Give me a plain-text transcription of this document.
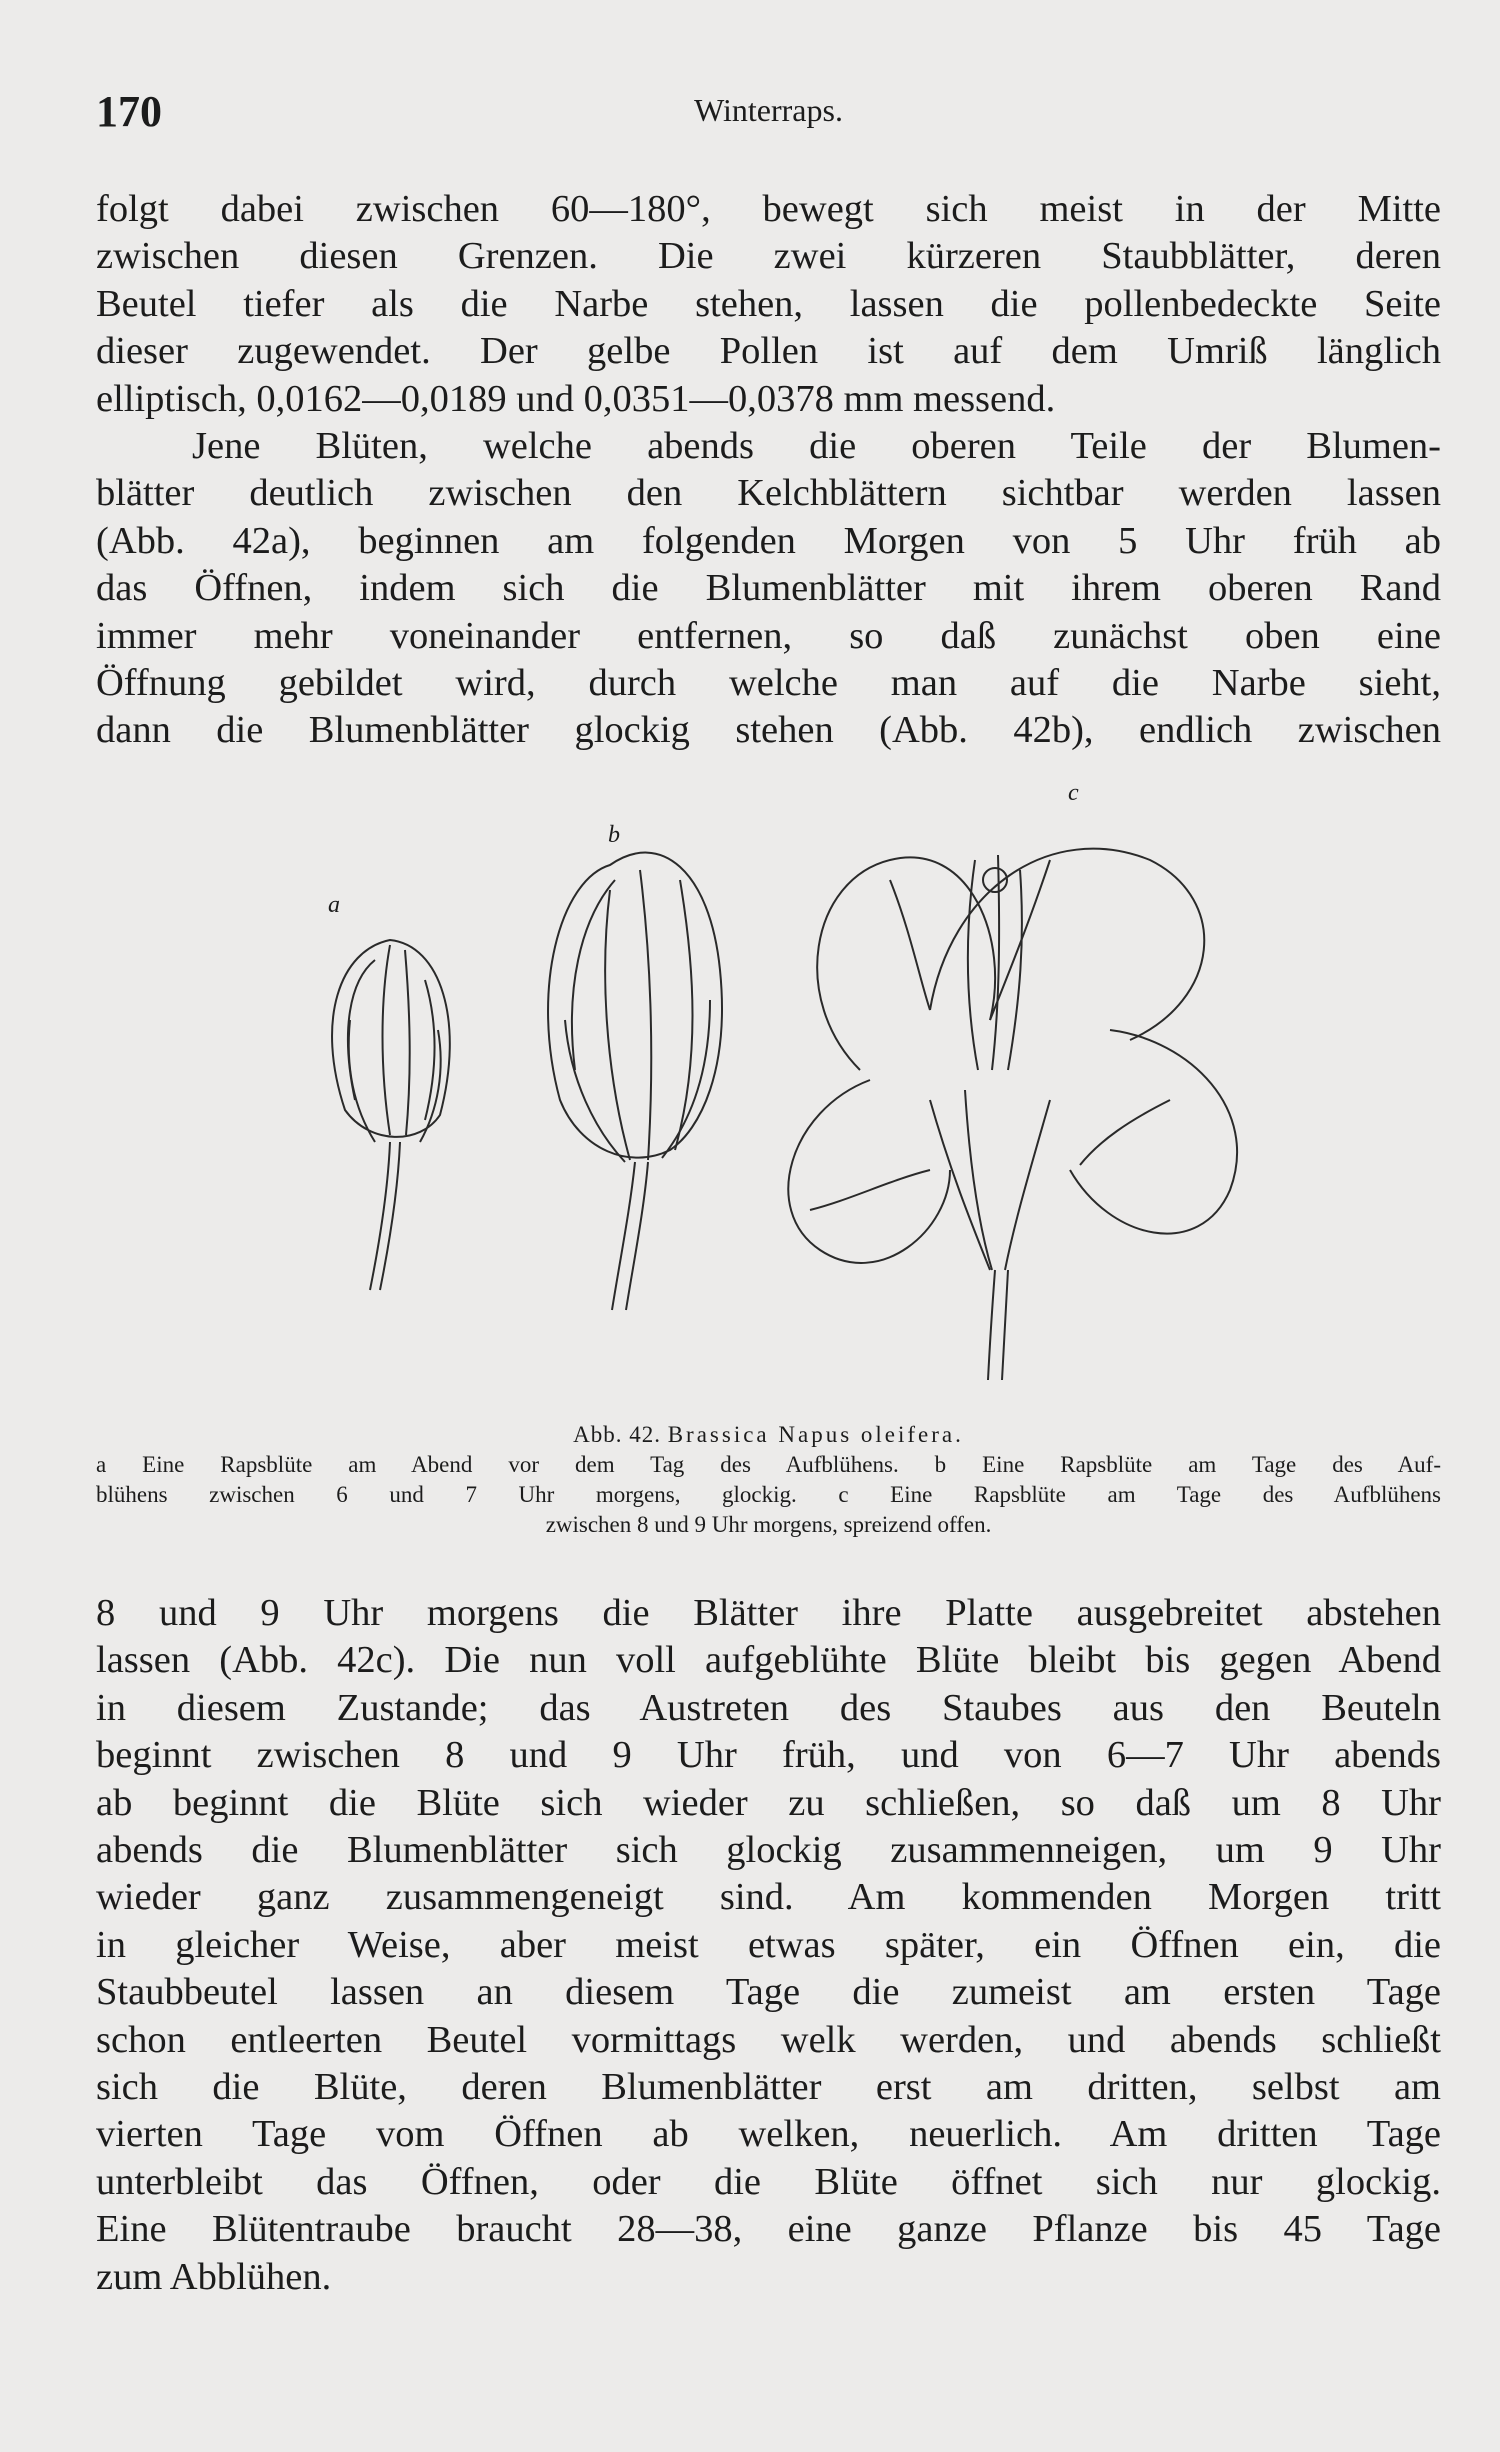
170	Winterraps.
folgt dabei zwischen 60—180°, bewegt sich meist in der Mitte
zwischen diesen Grenzen. Die zwei kürzeren Staubblätter, deren
Beutel tiefer als die Narbe stehen, lassen die pollenbedeckte Seite
dieser zugewendet. Der gelbe Pollen ist auf dem Umriß länglich
elliptisch, 0,0162—0,0189 und 0,0351—0,0378 mm messend.
Jene Blüten, welche abends die oberen Teile der Blumen-
blätter deutlich zwischen den Kelchblättern sichtbar werden lassen
(Abb. 42a), beginnen am folgenden Morgen von 5 Uhr früh ab
das Öffnen, indem sich die Blumenblätter mit ihrem oberen Rand
immer mehr voneinander entfernen, so daß zunächst oben eine
Öffnung gebildet wird, durch welche man auf die Narbe sieht,
dann die Blumenblätter glockig stehen (Abb. 42b), endlich zwischen
a
b
c
Abb. 42. Brassica Napus oleifera.
a Eine Rapsblüte am Abend vor dem Tag des Aufblühens. b Eine Rapsblüte am Tage des Auf-
blühens zwischen 6 und 7 Uhr morgens, glockig. c Eine Rapsblüte am Tage des Aufblühens
zwischen 8 und 9 Uhr morgens, spreizend offen.
8 und 9 Uhr morgens die Blätter ihre Platte ausgebreitet abstehen
lassen (Abb. 42c). Die nun voll aufgeblühte Blüte bleibt bis gegen Abend
in diesem Zustande; das Austreten des Staubes aus den Beuteln
beginnt zwischen 8 und 9 Uhr früh, und von 6—7 Uhr abends
ab beginnt die Blüte sich wieder zu schließen, so daß um 8 Uhr
abends die Blumenblätter sich glockig zusammenneigen, um 9 Uhr
wieder ganz zusammengeneigt sind. Am kommenden Morgen tritt
in gleicher Weise, aber meist etwas später, ein Öffnen ein, die
Staubbeutel lassen an diesem Tage die zumeist am ersten Tage
schon entleerten Beutel vormittags welk werden, und abends schließt
sich die Blüte, deren Blumenblätter erst am dritten, selbst am
vierten Tage vom Öffnen ab welken, neuerlich. Am dritten Tage
unterbleibt das Öffnen, oder die Blüte öffnet sich nur glockig.
Eine Blütentraube braucht 28—38, eine ganze Pflanze bis 45 Tage
zum Abblühen.
